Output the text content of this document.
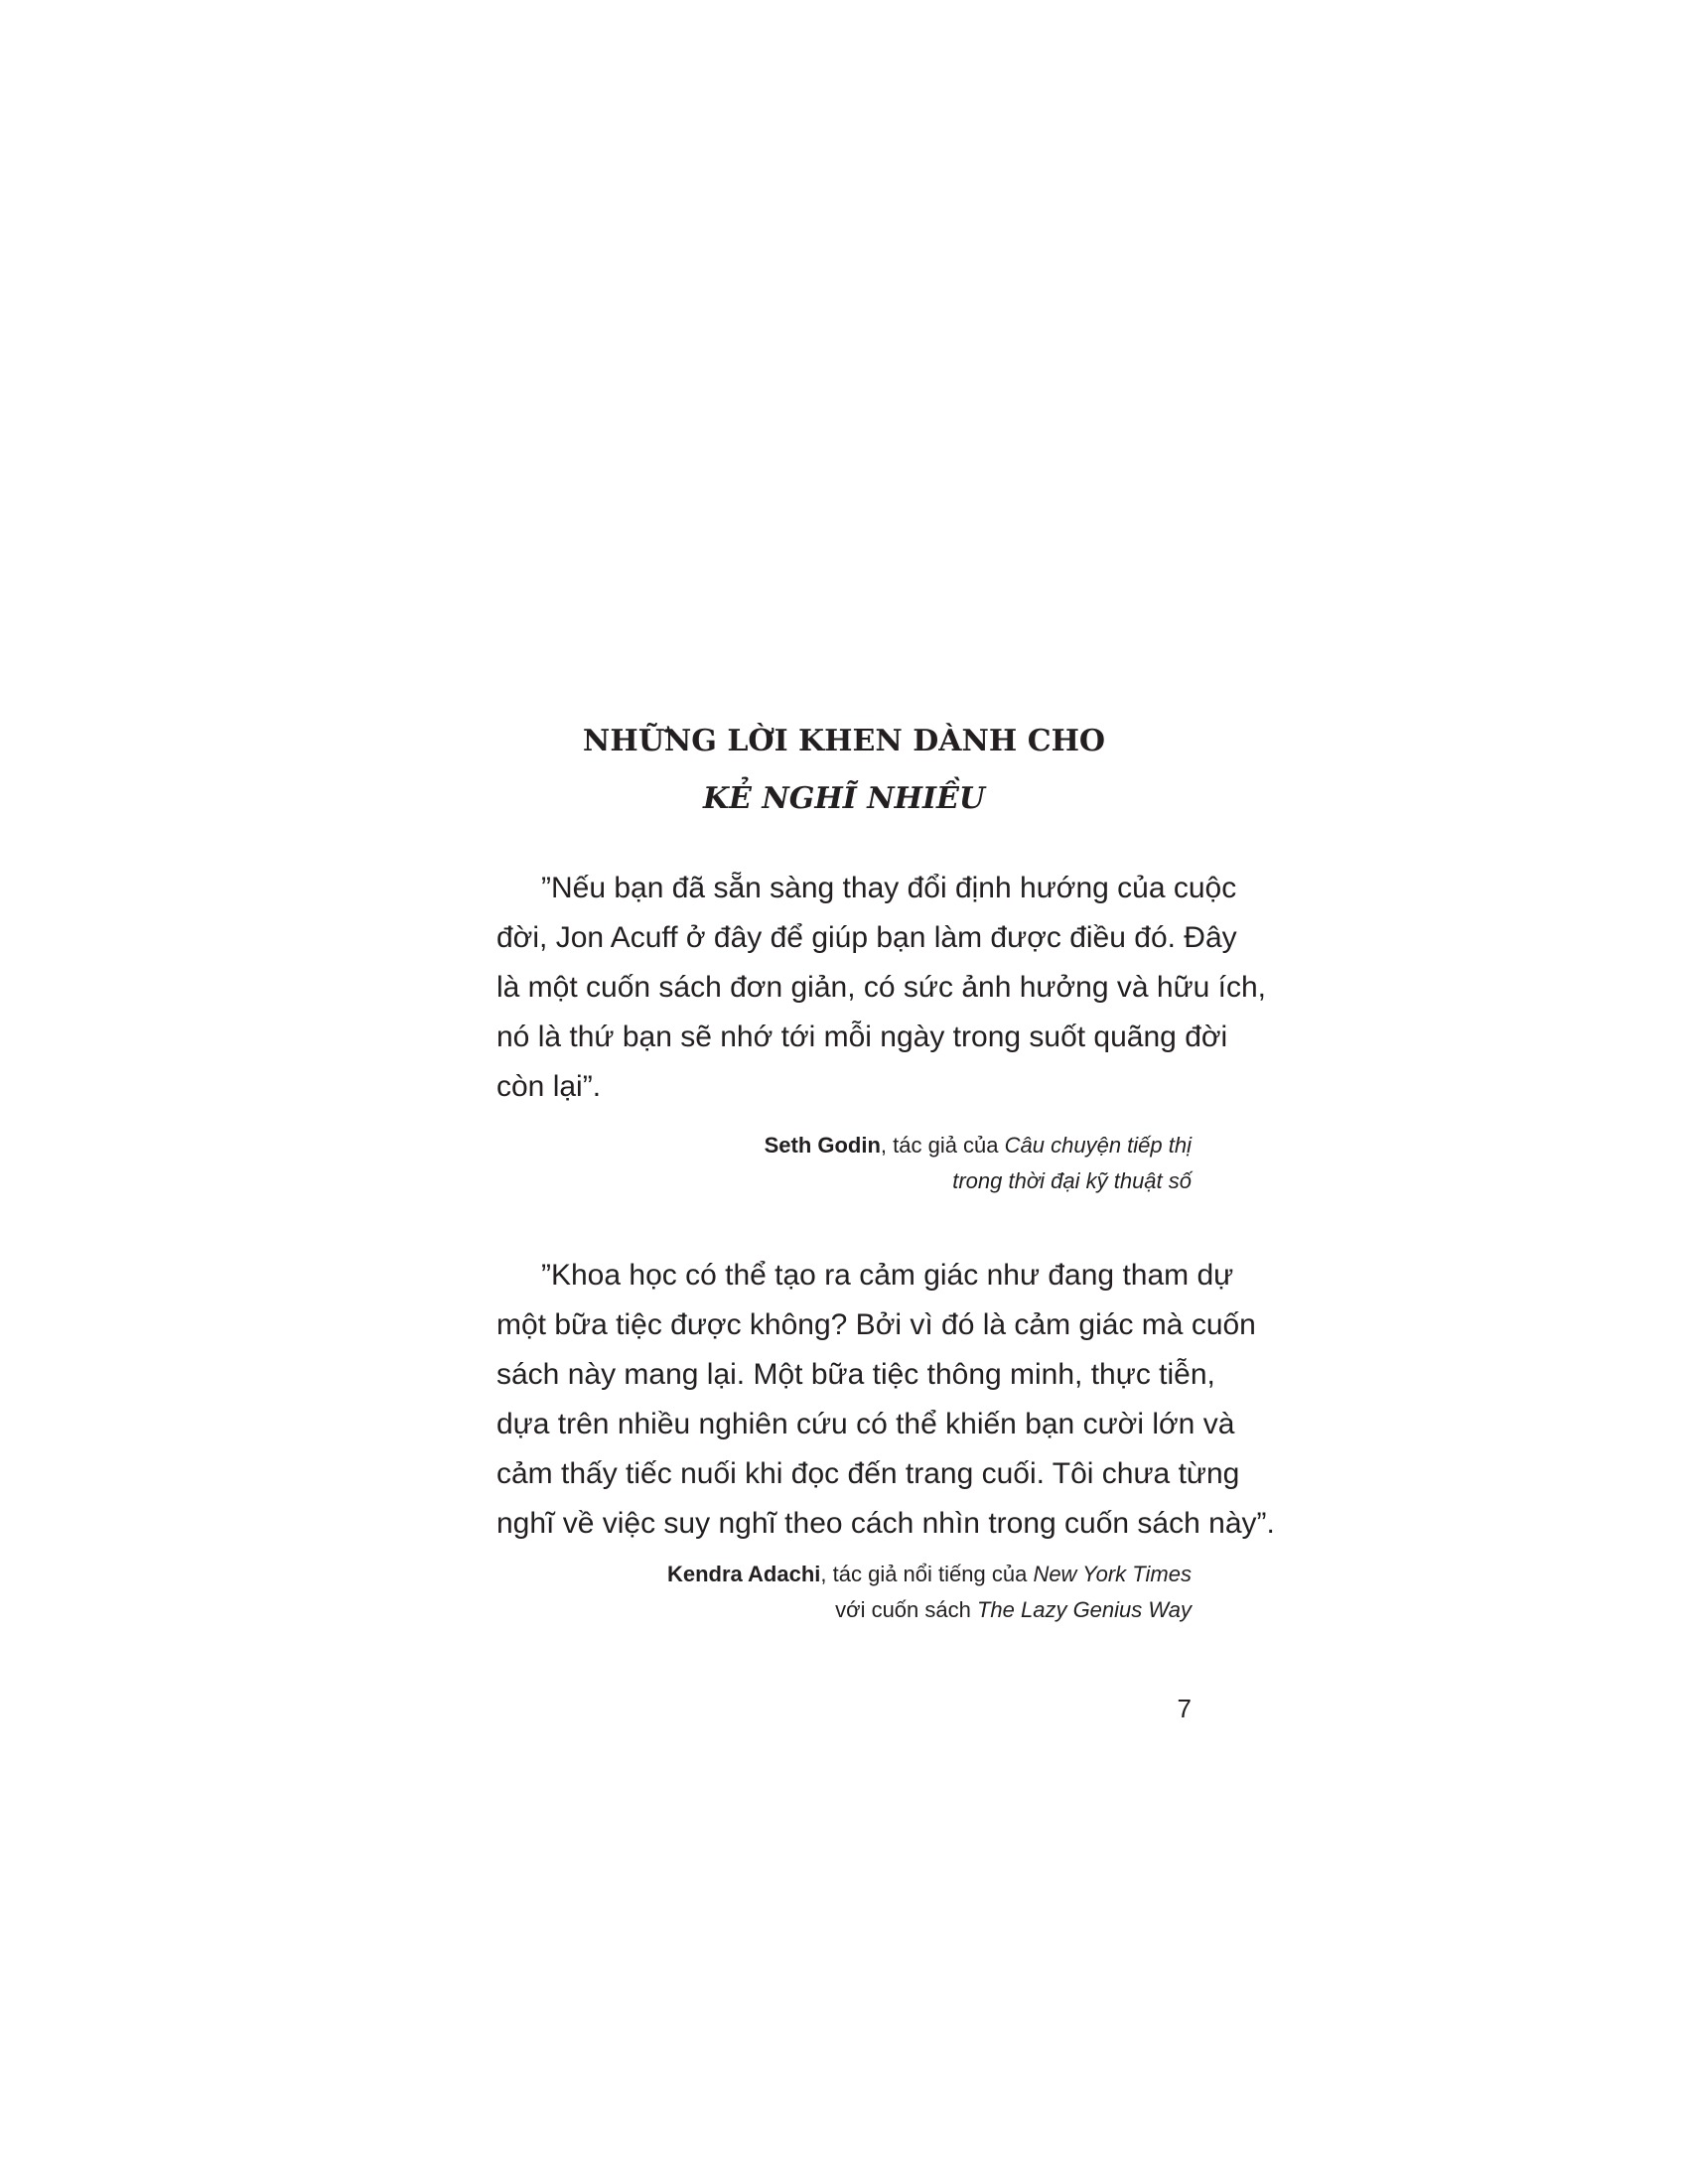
NHỮNG LỜI KHEN DÀNH CHO
KẺ NGHĨ NHIỀU
”Nếu bạn đã sẵn sàng thay đổi định hướng của cuộc
đời, Jon Acuff ở đây để giúp bạn làm được điều đó. Đây
là một cuốn sách đơn giản, có sức ảnh hưởng và hữu ích,
nó là thứ bạn sẽ nhớ tới mỗi ngày trong suốt quãng đời
còn lại”.
Seth Godin, tác giả của Câu chuyện tiếp thị
trong thời đại kỹ thuật số
”Khoa học có thể tạo ra cảm giác như đang tham dự
một bữa tiệc được không? Bởi vì đó là cảm giác mà cuốn
sách này mang lại. Một bữa tiệc thông minh, thực tiễn,
dựa trên nhiều nghiên cứu có thể khiến bạn cười lớn và
cảm thấy tiếc nuối khi đọc đến trang cuối. Tôi chưa từng
nghĩ về việc suy nghĩ theo cách nhìn trong cuốn sách này”.
Kendra Adachi, tác giả nổi tiếng của New York Times
với cuốn sách The Lazy Genius Way
7
